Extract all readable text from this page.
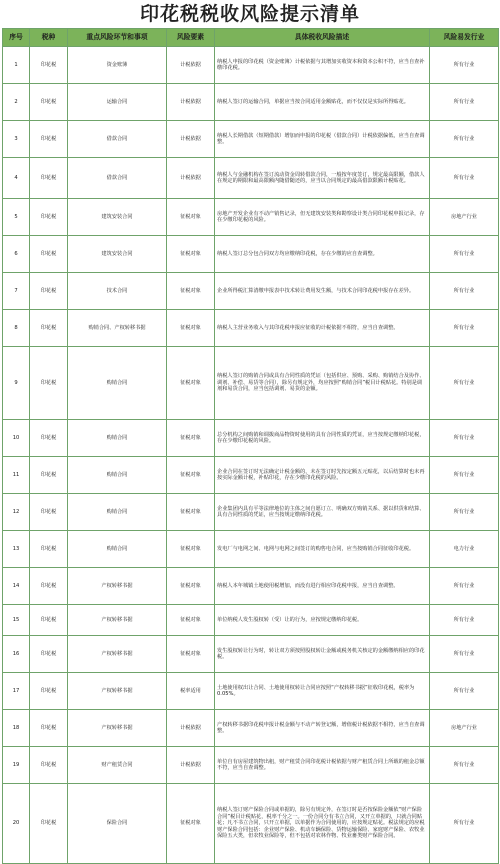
印花税税收风险提示清单
序号	税种	重点风险环节和事项	风险要素	具体税收风险描述	风险易发行业
1	印花税	资金账簿	计税依据	纳税人申报的印花税（资金账簿）计税依据与其增加实收资本和资本公积不符，应当自查补缴印花税。	所有行业
2	印花税	运输合同	计税依据	纳税人签订的运输合同，单据应当按合同适用金额贴花，而不仅仅是实际所得贴花。	所有行业
3	印花税	借款合同	计税依据	纳税人长期借款（短期借款）增加而申报的印花税（借款合同）计税依据偏低，应当自查调整。	所有行业
4	印花税	借款合同	计税依据	纳税人与金融机构在签订流动资金周转借款合同，一般按年度签订，规定最高限额，借款人在规定的期限和最高限额内随借随还的，应当以合同规定的最高借款限额计税贴花。	所有行业
5	印花税	建筑安装合同	征税对象	房地产开发企业有不动产销售记录，但无建筑安装类和勘察设计类合同印花税申报记录，存在少缴印花税的风险。	房地产行业
6	印花税	建筑安装合同	征税对象	纳税人签订总分包合同双方均应缴纳印花税，存在少缴的应自查调整。	所有行业
7	印花税	技术合同	征税对象	企业所得税汇算清缴申报表中技术转让费用发生额，与技术合同印花税申报存在差异。	所有行业
8	印花税	购销合同、产权转移书据	征税对象	纳税人主营业务收入与其印花税申报应征收的计税依据不相符，应当自查调整。	所有行业
9	印花税	购销合同	征税对象	纳税人签订的购销合同或具有合同性质的凭证（包括供应、预购、采购、购销结合及协作、调剂、补偿、易货等合同），除另有规定外，均应按照“购销合同”税目计税贴花。特别是调剂和易货合同，应当包括调剂、易货的金额。	所有行业
10	印花税	购销合同	征税对象	总分机构之间购销和调拨商品物资时使用的具有合同性质的凭证，应当按规定缴纳印花税，存在少缴印花税的风险。	所有行业
11	印花税	购销合同	征税对象	企业合同在签订时无法确定计税金额的，未在签订时先按定额五元贴花，以后结算时也未再按实际金额计税，补贴印花，存在少缴印花税的风险。	所有行业
12	印花税	购销合同	征税对象	企业集团内具有平等法律地位的主体之间自愿订立、明确双方购销关系、据以供货和结算、具有合同性质的凭证，应当按规定缴纳印花税。	所有行业
13	印花税	购销合同	征税对象	发电厂与电网之间、电网与电网之间签订的购售电合同，应当按购销合同征收印花税。	电力行业
14	印花税	产权转移书据	征税对象	纳税人本年城镇土地使用税增加，而没有进行相应印花税申报，应当自查调整。	所有行业
15	印花税	产权转移书据	征税对象	单位纳税人发生股权转（受）让的行为，应按规定缴纳印花税。	所有行业
16	印花税	产权转移书据	征税对象	发生股权转让行为时，转让双方须按照股权转让金额或税务机关核定的金额缴纳相应的印花税。	所有行业
17	印花税	产权转移书据	税率适用	土地使用权出让合同、土地使用权转让合同应按照“产权转移书据”征收印花税，税率为0.05%。	所有行业
18	印花税	产权转移书据	计税依据	产权转移书据印花税申报计税金额与不动产转登记额，增值税计税依据不相符，应当自查调整。	房地产行业
19	印花税	财产租赁合同	计税依据	单位自有房屋建筑物出租，财产租赁合同印花税计税依据与财产租赁合同上所载的租金总额不符，应当自查调整。	所有行业
20	印花税	保险合同	征税对象	纳税人签订财产保险合同或单据的，除另有规定外，在签订时是否按保险金额依“财产保险合同”税目计税贴花，税率千分之一。一份合同分有书立合同，又开立单据的，只就合同贴花；凡不书立合同，只开立单据，以单据作为合同使用的，应按规定贴花。税法规定的应税财产保险合同包括：企业财产保险、机动车辆保险、货物运输保险、家庭财产保险、农牧业保险五大类，但农牧业保险等，但不包括对农林作物、牧业畜类财产保险合同。	所有行业
